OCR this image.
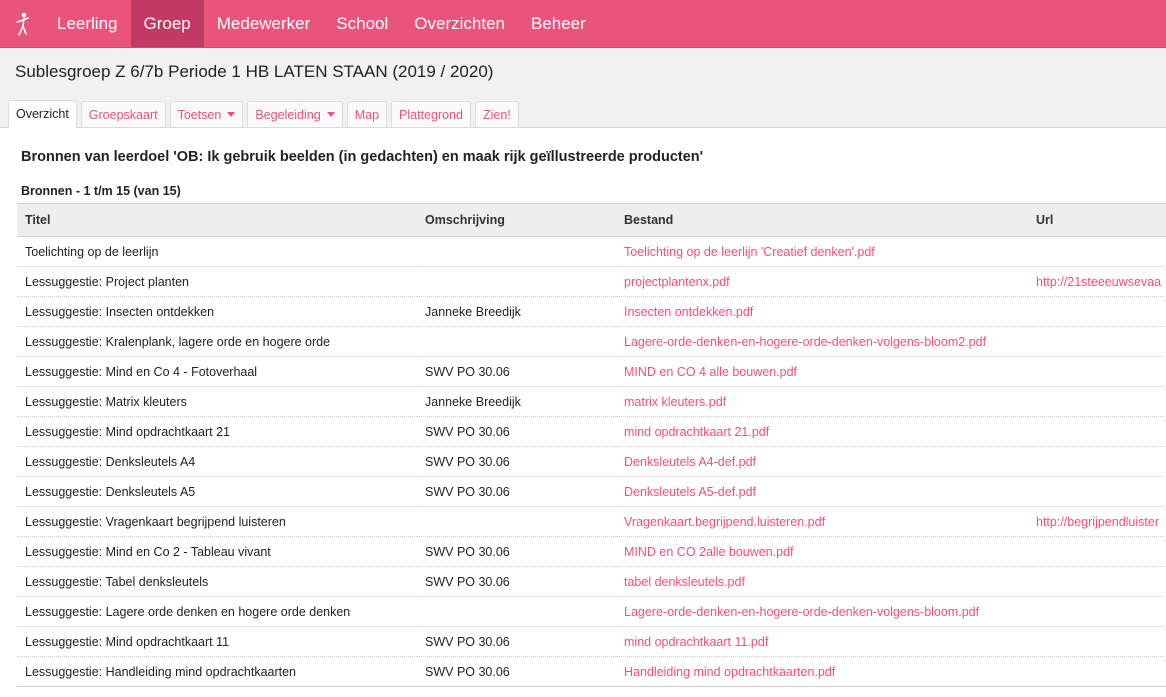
Leerling	Groep	Medewerker	School	Overzichten	Beheer
Sublesgroep Z 6/7b Periode 1 HB LATEN STAAN (2019 / 2020)
Overzicht Groepskaart Toetsen	Begeleiding	Map Plattegrond Zien!
Bronnen van leerdoel 'OB: Ik gebruik beelden (in gedachten) en maak rijk geïllustreerde producten'
Bronnen - 1 t/m 15 (van 15)
Titel	Omschrijving	Bestand	Url
Toelichting op de leerlijn		Toelichting op de leerlijn 'Creatief denken'.pdf	
Lessuggestie: Project planten		projectplantenx.pdf	http://21steeeuwsevaa
Lessuggestie: Insecten ontdekken	Janneke Breedijk	Insecten ontdekken.pdf	
Lessuggestie: Kralenplank, lagere orde en hogere orde		Lagere-orde-denken-en-hogere-orde-denken-volgens-bloom2.pdf	
Lessuggestie: Mind en Co 4 - Fotoverhaal	SWV PO 30.06	MIND en CO 4 alle bouwen.pdf	
Lessuggestie: Matrix kleuters	Janneke Breedijk	matrix kleuters.pdf	
Lessuggestie: Mind opdrachtkaart 21	SWV PO 30.06	mind opdrachtkaart 21.pdf	
Lessuggestie: Denksleutels A4	SWV PO 30.06	Denksleutels A4-def.pdf	
Lessuggestie: Denksleutels A5	SWV PO 30.06	Denksleutels A5-def.pdf	
Lessuggestie: Vragenkaart begrijpend luisteren		Vragenkaart.begrijpend.luisteren.pdf	http://begrijpendluister
Lessuggestie: Mind en Co 2 - Tableau vivant	SWV PO 30.06	MIND en CO 2alle bouwen.pdf	
Lessuggestie: Tabel denksleutels	SWV PO 30.06	tabel denksleutels.pdf	
Lessuggestie: Lagere orde denken en hogere orde denken		Lagere-orde-denken-en-hogere-orde-denken-volgens-bloom.pdf	
Lessuggestie: Mind opdrachtkaart 11	SWV PO 30.06	mind opdrachtkaart 11.pdf	
Lessuggestie: Handleiding mind opdrachtkaarten	SWV PO 30.06	Handleiding mind opdrachtkaarten.pdf	
